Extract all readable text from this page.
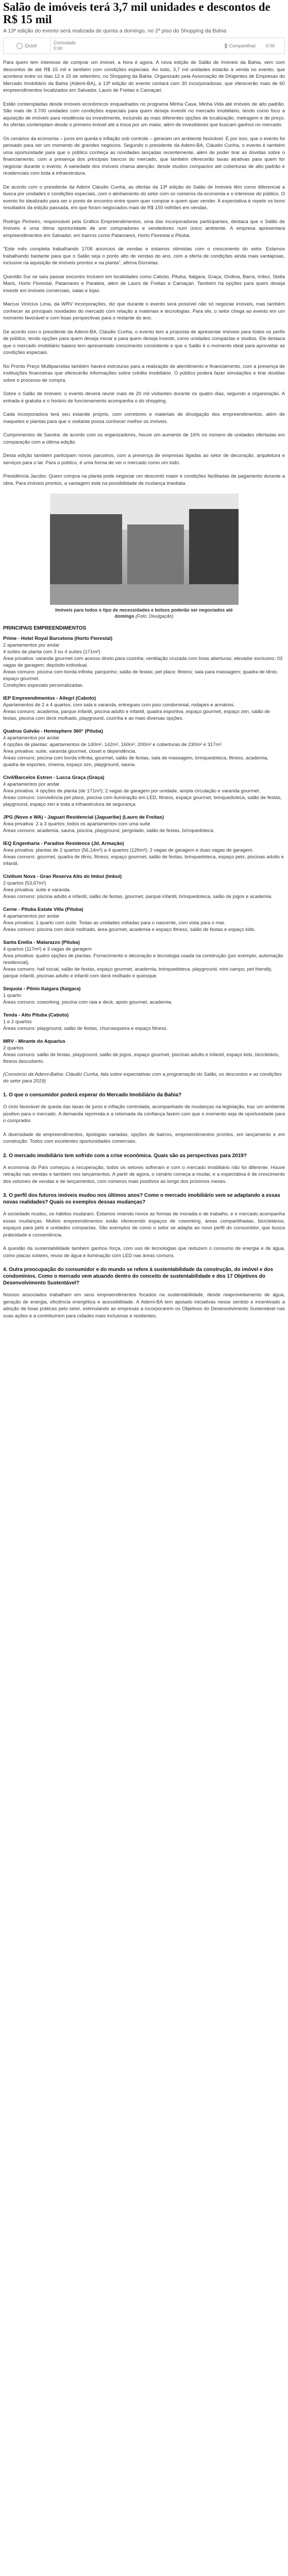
Salão de imóveis terá 3,7 mil unidades e descontos de R$ 15 mil

A 13ª edição do evento será realizada de quinta a domingo, no 2º piso do Shopping da Bahia

Ouvir
Consulado
0:00	Compartilhar	0:00

Para quem tem interesse de comprar um imóvel, a hora é agora. A nova edição de Salão de Imóveis da Bahia, vem com descontos de até R$ 15 mil e também com condições especiais. Ao todo, 3,7 mil unidades estarão à venda no evento, que acontece entre os dias 12 e 15 de setembro, no Shopping da Bahia. Organizado pela Associação de Dirigentes de Empresas do Mercado Imobiliário da Bahia (Ademi-BA), a 13ª edição do evento contará com 30 incorporadoras, que oferecerão mais de 60 empreendimentos localizados em Salvador, Lauro de Freitas e Camaçari.

Estão contempladas desde imóveis econômicos enquadrados no programa Minha Casa, Minha Vida até imóveis de alto padrão. São mais de 3.700 unidades com condições especiais para quem deseja investir no mercado imobiliário, tendo como foco a aquisição de imóveis para residência ou investimento, incluindo as mais diferentes opções de localização, metragem e de preço. As ofertas contemplam desde o primeiro imóvel até a troca por um maior, além de investidores que buscam ganhos no mercado.

Os cenários da economia – juros em queda e inflação sob controle – geraram um ambiente favorável. É por isso, que o evento foi pensado para ser um momento de grandes negócios. Segundo o presidente da Ademi-BA, Cláudio Cunha, o evento é também uma oportunidade para que o público conheça as novidades lançadas recentemente, além de poder tirar as dúvidas sobre o financiamento, com a presença dos principais bancos do mercado, que também oferecerão taxas atrativas para quem for negociar durante o evento. A variedade dos imóveis chama atenção: desde studios compactos até coberturas de alto padrão e residenciais com toda a infraestrutura.

De acordo com o presidente da Ademi Cláudio Cunha, as ofertas da 13ª edição do Salão de Imóveis têm como diferencial a busca por unidades e condições especiais, com o alinhamento do setor com os números da economia e o interesse do público. O evento foi idealizado para ser o ponto de encontro entre quem quer comprar e quem quer vender. A expectativa é repetir os bons resultados da edição passada, em que foram negociados mais de R$ 150 milhões em vendas.

Rodrigo Pinheiro, responsável pela Gráfico Empreendimentos, uma das incorporadoras participantes, destaca que o Salão de Imóveis é uma ótima oportunidade de unir compradores e vendedores num único ambiente. A empresa apresentará empreendimentos em Salvador, em bairros como Patamares, Horto Florestal e Pituba.

"Este mês completa trabalhando 1708 anúncios de vendas e estamos otimistas com o crescimento do setor. Estamos trabalhando bastante para que o Salão seja o ponto alto de vendas do ano, com a oferta de condições ainda mais vantajosas, inclusive na aquisição de imóveis prontos e na planta", afirma Dornelas.

Questão Sur se saíu passar encontro Incluem em localidades como Caboto, Pituba, Itaigara, Graça, Ondina, Barra, Imbuí, Stella Maris, Horto Florestal, Patamares e Paralela, além de Lauro de Freitas e Camaçari. Também há opções para quem deseja investir em imóveis comerciais, salas e lojas.

Marcus Vinícius Lima, da WRV Incorporações, diz que durante o evento será possível não só negociar imóveis, mas também conhecer as principais novidades do mercado com relação a materiais e tecnologias. Para ele, o setor chega ao evento em um momento favorável e com boas perspectivas para o restante do ano.

De acordo com o presidente da Ademi-BA, Cláudio Cunha, o evento tem a proposta de apresentar imóveis para todos os perfis de público, tendo opções para quem deseja morar e para quem deseja investir, como unidades compactas e studios. Ele destaca que o mercado imobiliário baiano tem apresentado crescimento consistente e que o Salão é o momento ideal para aproveitar as condições especiais.

No Pronto Preço Multiparcelas também haverá estruturas para a realização de atendimento e financiamento, com a presença de instituições financeiras que oferecerão informações sobre crédito imobiliário. O público poderá fazer simulações e tirar dúvidas sobre o processo de compra.

Sobre o Salão de Imóveis: o evento deverá reunir mais de 20 mil visitantes durante os quatro dias, segundo a organização. A entrada é gratuita e o horário de funcionamento acompanha o do shopping.

Cada incorporadora terá seu estande próprio, com corretores e materiais de divulgação dos empreendimentos, além de maquetes e plantas para que o visitante possa conhecer melhor os imóveis.

Cumprimentos de Sandra: de acordo com os organizadores, houve um aumento de 16% no número de unidades ofertadas em comparação com a última edição.

Desta edição também participam novos parceiros, com a presença de empresas ligadas ao setor de decoração, arquitetura e serviços para o lar. Para o público, é uma forma de ver o mercado como um todo.

Presidência Jacobs: Quem compra na planta pode negociar um desconto maior e condições facilitadas de pagamento durante a obra. Para imóveis prontos, a vantagem está na possibilidade de mudança imediata.

Imóveis para todos o tipo de necessidades e bolsos poderão ser negociados até domingo (Foto: Divulgação)
PRINCIPAIS EMPREENDIMENTOS

Prime - Hotel Royal Barcelona (Horto Florestal)

2 apartamentos por andar

4 suítes de planta com 3 ou 4 suítes (171m²)

Área privativa: varanda gourmet com acesso direto para cozinha; ventilação cruzada com boas aberturas; elevador exclusivo; 03 vagas de garagem; depósito individual.

Áreas comuns: piscina com borda infinita; parquinho; salão de festas; pet place; fitness; sala para massagem; quadra de tênis; espaço gourmet.

Condições especiais personalizadas.

IEP Empreendimentos - Allegri (Caboto)

Apartamentos de 2 a 4 quartos, com sala e varanda, entregues com piso condominial, rodapés e armários.

Áreas comuns: academia, parque infantil, piscina adulto e infantil, quadra esportiva, espaço gourmet, espaço zen, salão de festas, piscina com deck molhado, playground, cozinha e as mais diversas opções.

Quatrus Galvão - Hemisphere 360° (Pituba)

4 apartamentos por andar

4 opções de plantas: apartamentos de 140m², 142m², 160m², 200m² e coberturas de 230m² e 317m².

Área privativa: suíte, varanda gourmet, closet e dependência.

Áreas comuns: piscina com borda infinita, gourmet, salão de festas, sala de massagem, brinquedoteca, fitness, academia, quadra de esportes, cinema, espaço zen, playground, sauna.

Civil/Barcelos Estren - Lucca Graça (Graça)

4 apartamentos por andar

Área privativa: 4 opções de planta (de 171m²); 2 vagas de garagem por unidade, ampla circulação e varanda gourmet.

Áreas comuns: convivência pet place, piscina com iluminação em LED, fitness, espaço gourmet, brinquedoteca, salão de festas, playground, espaço zen e toda a infraestrutura de segurança.

JPG (Novo e WA) - Jaguari Residencial (Jaguaribe) (Lauro de Freitas)

Área privativa: 2 a 3 quartos; todos os apartamentos com uma suíte

Áreas comuns: academia, sauna, piscina, playground, pergolado, salão de festas, brinquedoteca.

IEQ Engenharia - Paradise Residence (Jd. Armação)

Área privativa: plantas de 2 quartos (56,14m²) a 4 quartos (126m²); 2 vagas de garagem e duas vagas de garagem.

Áreas comuns: gourmet, quadra de tênis, fitness, espaço gourmet, salão de festas, brinquedoteca, espaço pets, piscinas adulto e infantil.

Civilium Nova - Gran Reserva Alto do Imbuí (Imbuí)

2 quartos (53,67m²)

Área privativa: suíte e varanda.

Áreas comuns: piscina adulto e infantil, salão de festas, gourmet, parque infantil, brinquedoteca, salão de jogos e academia.

Cerne - Pituba Estate Villa (Pituba)

4 apartamentos por andar

Área privativa: 1 quarto com suíte. Todas as unidades voltadas para o nascente, com vista para o mar.

Áreas comuns: piscina com deck molhado, área gourmet, academia e espaço fitness, salão de festas e espaço kids.

Santa Emília - Matarazzo (Pituba)

4 quartos (117m²) e 3 vagas de garagem

Área privativa: quatro opções de plantas. Fornecimento e decoração e tecnologia usada na construção (por exemplo, automação residencial).

Áreas comuns: hall social, salão de festas, espaço gourmet, academia, brinquedoteca, playground, mini campo, pet friendly, parque infantil, piscinas adulto e infantil com deck molhado e quiosque.

Sequoia - Plinio Itaigara (Itaigara)

1 quarto

Áreas comuns: coworking, piscina com raia e deck, apoio gourmet, academia.

Tenda - Alto Pituba (Caboto)

1 e 2 quartos

Áreas comuns: playground, salão de festas, churrasqueira e espaço fitness.

MRV - Mirante do Aquarius

2 quartos

Áreas comuns: salão de festas, playground, salão de jogos, espaço gourmet, piscinas adulto e infantil, espaço kids, bicicletário, fitness descoberto.

(Consórcio da Ademi-Bahia: Cláudio Cunha, fala sobre expectativas com a programação do Salão, os descontos e as condições do setor para 2019)

1. O que o consumidor poderá esperar do Mercado Imobiliário da Bahia?

O ciclo favorável de queda das taxas de juros e inflação controlada, acompanhado de mudanças na legislação, traz um ambiente positivo para o mercado. A demanda reprimida e a retomada da confiança fazem com que o momento seja de oportunidade para o comprador.

A diversidade de empreendimentos, tipologias variadas, opções de bairros, empreendimentos prontos, em lançamento e em construção. Todos com excelentes oportunidades comerciais.

2. O mercado imobiliário tem sofrido com a crise econômica. Quais são as perspectivas para 2019?

A economia do País começou a recuperação, todos os setores sofreram e com o mercado imobiliário não foi diferente. Houve retração nas vendas e também nos lançamentos. A partir de agora, o cenário começa a mudar, e a expectativa é de crescimento dos volumes de vendas e de lançamentos, com números mais positivos ao longo dos próximos meses.

3. O perfil dos futuros imóveis mudou nos últimos anos? Como o mercado imobiliário vem se adaptando a essas novas realidades? Quais os exemplos dessas mudanças?

A sociedade mudou, os hábitos mudaram. Estamos vivendo novos as formas de moradia e de trabalho, e o mercado acompanha essas mudanças. Muitos empreendimentos estão oferecendo espaços de coworking, áreas compartilhadas, bicicletários, espaços para pets e unidades compactas. São exemplos de como o setor se adapta ao novo perfil do consumidor, que busca praticidade e conveniência.

A questão da sustentabilidade também ganhou força, com uso de tecnologias que reduzem o consumo de energia e de água, como placas solares, reuso de água e iluminação com LED nas áreas comuns.

4. Outra preocupação do consumidor e do mundo se refere à sustentabilidade da construção, do imóvel e dos condomínios. Como o mercado vem atuando dentro do conceito de sustentabilidade e dos 17 Objetivos do Desenvolvimento Sustentável?

Nossos associados trabalham em seus empreendimentos focados na sustentabilidade, desde reaproveitamento de água, geração de energia, eficiência energética e acessibilidade. A Ademi-BA tem apoiado iniciativas nesse sentido e incentivado a adoção de boas práticas pelo setor, estimulando as empresas a incorporarem os Objetivos do Desenvolvimento Sustentável nas suas ações e a contribuírem para cidades mais inclusivas e resilientes.
